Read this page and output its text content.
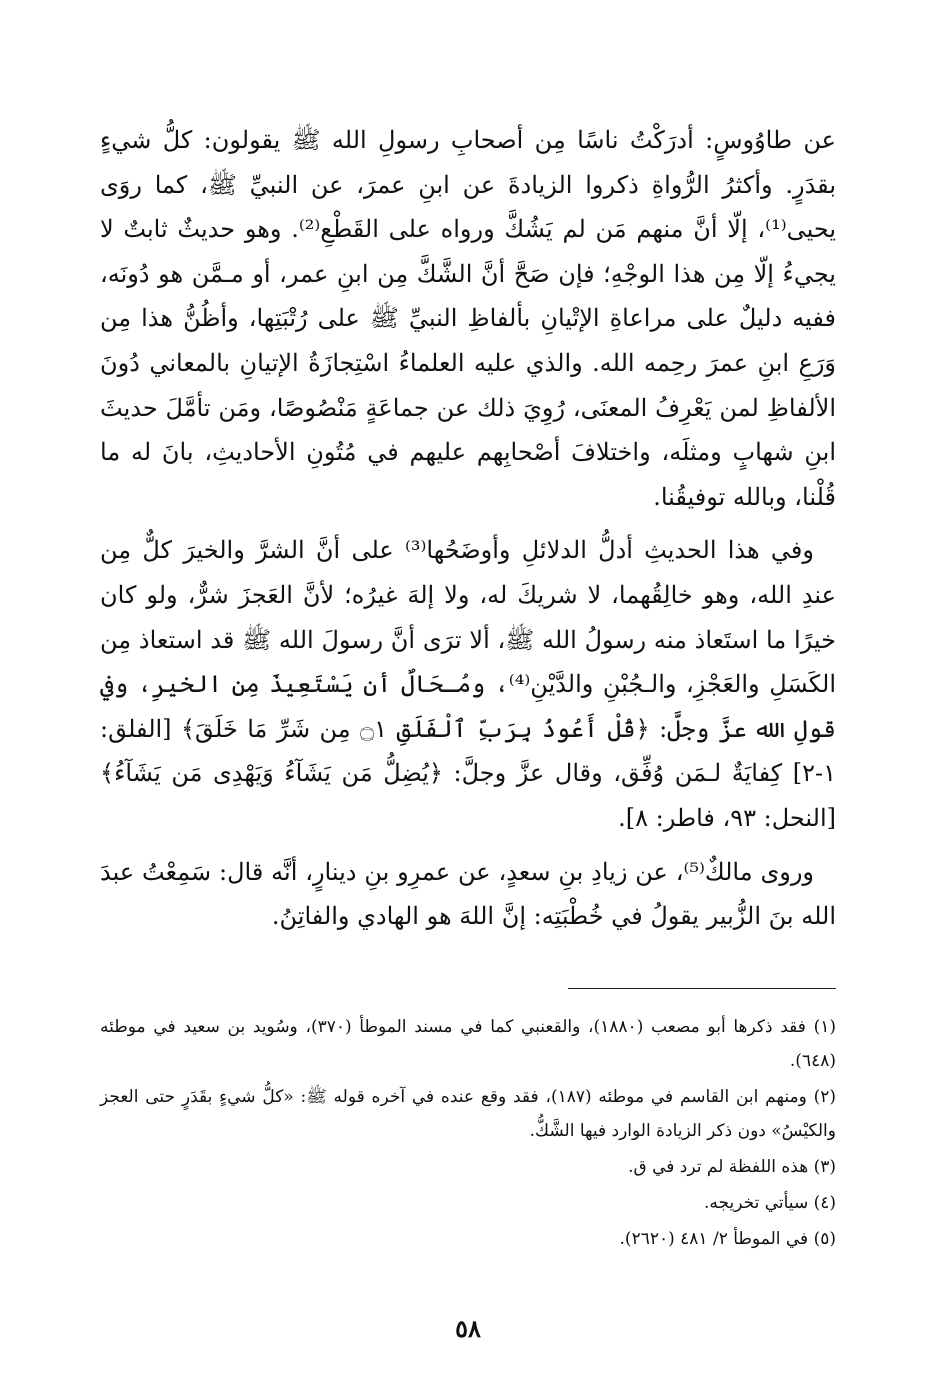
عن طاوُوسٍ: أدرَكْتُ ناسًا مِن أصحابِ رسولِ الله ﷺ يقولون: كلُّ شيءٍ بقدَرٍ. وأكثرُ الرُّواةِ ذكروا الزيادةَ عن ابنِ عمرَ، عن النبيِّ ﷺ، كما روَى يحيى⁽¹⁾، إلّا أنَّ منهم مَن لم يَشُكَّ ورواه على القَطْعِ⁽²⁾. وهو حديثٌ ثابتٌ لا يجيءُ إلّا مِن هذا الوجْهِ؛ فإن صَحَّ أنَّ الشَّكَّ مِن ابنِ عمر، أو مـمَّن هو دُونَه، ففيه دليلٌ على مراعاةِ الإتْيانِ بألفاظِ النبيِّ ﷺ على رُتْبَتِها، وأظُنُّ هذا مِن وَرَعِ ابنِ عمرَ رحِمه الله. والذي عليه العلماءُ اسْتِجازَةُ الإتيانِ بالمعاني دُونَ الألفاظِ لمن يَعْرِفُ المعنَى، رُوِيَ ذلك عن جماعَةٍ مَنْصُوصًا، ومَن تأمَّلَ حديثَ ابنِ شهابٍ ومثلَه، واختلافَ أصْحابِهم عليهم في مُتُونِ الأحاديثِ، بانَ له ما قُلْنا، وبالله توفيقُنا.

وفي هذا الحديثِ أدلُّ الدلائلِ وأوضَحُها⁽³⁾ على أنَّ الشرَّ والخيرَ كلٌّ مِن عندِ الله، وهو خالِقُهما، لا شريكَ له، ولا إلهَ غيرُه؛ لأنَّ العَجزَ شرٌّ، ولو كان خيرًا ما استَعاذ منه رسولُ الله ﷺ، ألا ترَى أنَّ رسولَ الله ﷺ قد استعاذ مِن الكَسَلِ والعَجْزِ، والـجُبْنِ والدَّيْنِ⁽⁴⁾، ومُـحَالٌ أن يَسْتَعِيذَ مِن الخيرِ، وفي قولِ الله عزَّ وجلَّ: ﴿قُلْ أَعُوذُ بِرَبِّ ٱلْفَلَقِ ۝١ مِن شَرِّ مَا خَلَقَ﴾ [الفلق: ١-٢] كِفايَةٌ لـمَن وُفِّق، وقال عزَّ وجلَّ: ﴿يُضِلُّ مَن يَشَآءُ وَيَهْدِى مَن يَشَآءُ﴾ [النحل: ٩٣، فاطر: ٨].

وروى مالكٌ⁽⁵⁾، عن زيادِ بنِ سعدٍ، عن عمرِو بنِ دينارٍ، أنَّه قال: سَمِعْتُ عبدَ الله بنَ الزُّبير يقولُ في خُطْبَتِه: إنَّ اللهَ هو الهادي والفاتِنُ.

(١) فقد ذكرها أبو مصعب (١٨٨٠)، والقعنبي كما في مسند الموطأ (٣٧٠)، وسُويد بن سعيد في موطئه (٦٤٨).

(٢) ومنهم ابن القاسم في موطئه (١٨٧)، فقد وقع عنده في آخره قوله ﷺ: «كلُّ شيءٍ بقَدَرٍ حتى العجز والكيْسُ» دون ذكر الزيادة الوارد فيها الشَّكُّ.

(٣) هذه اللفظة لم ترد في ق.

(٤) سيأتي تخريجه.

(٥) في الموطأ ٢/ ٤٨١ (٢٦٢٠).

٥٨
